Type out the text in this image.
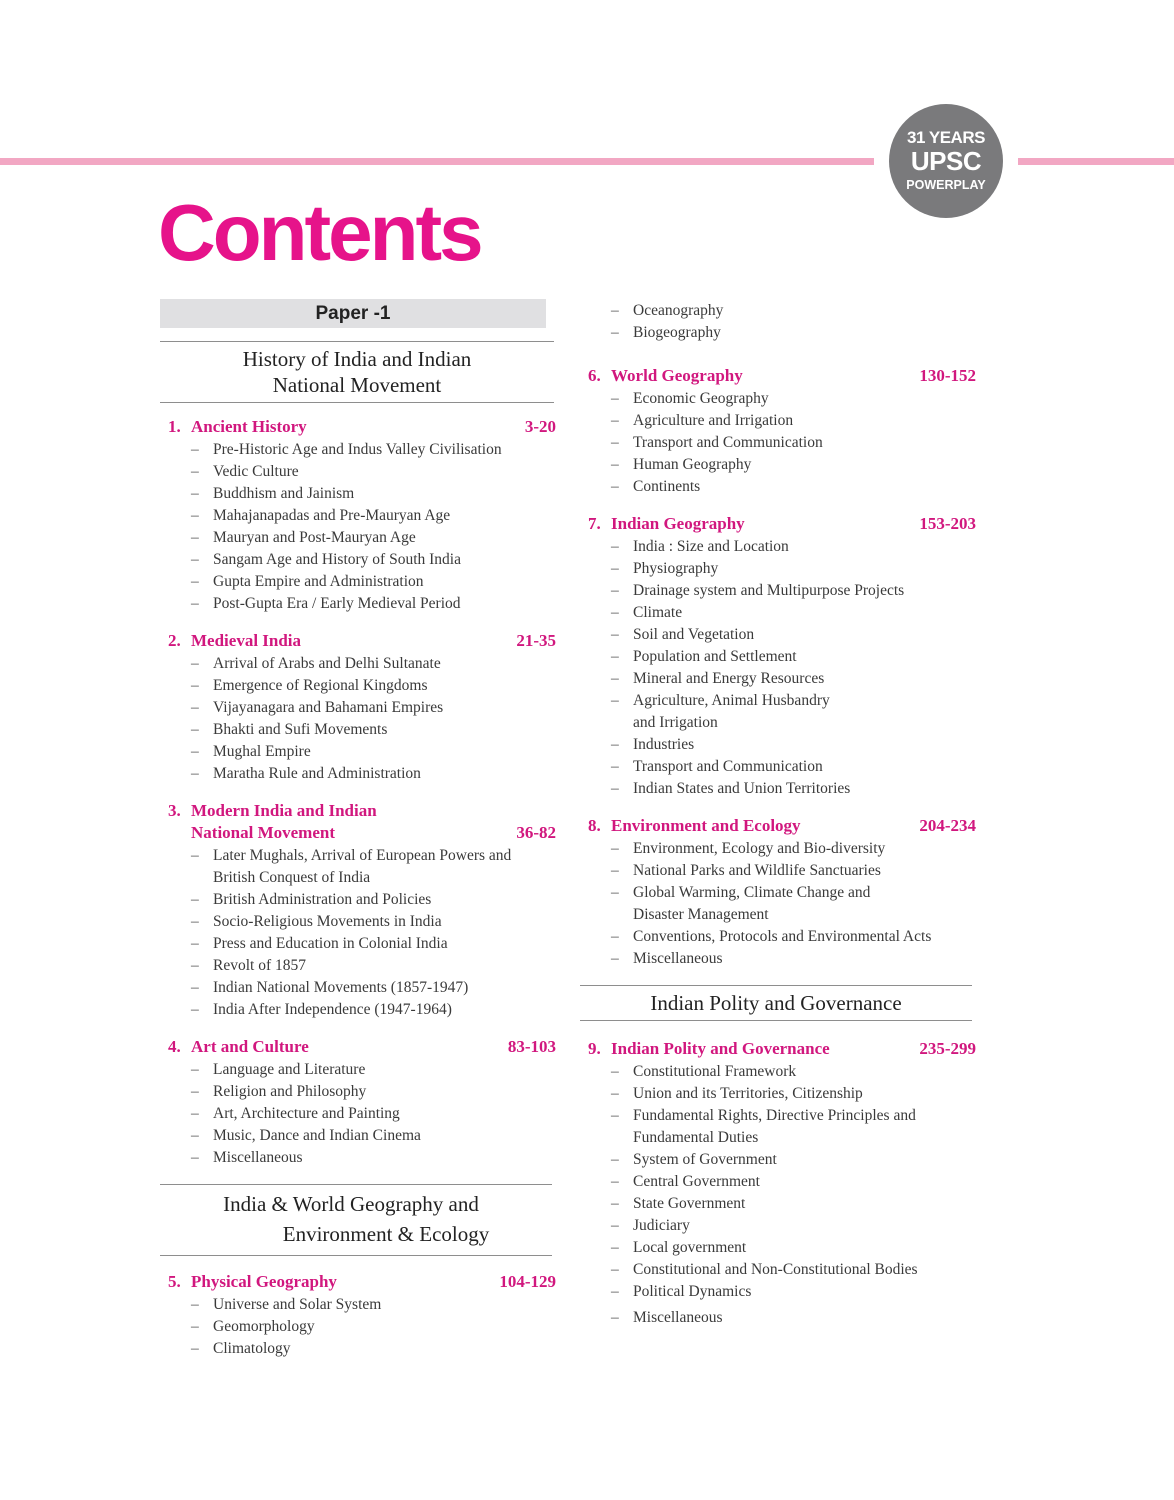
31 YEARS
UPSC
POWERPLAY
Contents
Paper -1
History of India and Indian
National Movement
1. Ancient History	3-20
– Pre-Historic Age and Indus Valley Civilisation
– Vedic Culture
– Buddhism and Jainism
– Mahajanapadas and Pre-Mauryan Age
– Mauryan and Post-Mauryan Age
– Sangam Age and History of South India
– Gupta Empire and Administration
– Post-Gupta Era / Early Medieval Period
2. Medieval India	21-35
– Arrival of Arabs and Delhi Sultanate
– Emergence of Regional Kingdoms
– Vijayanagara and Bahamani Empires
– Bhakti and Sufi Movements
– Mughal Empire
– Maratha Rule and Administration
3. Modern India and Indian
National Movement	36-82
– Later Mughals, Arrival of European Powers and
British Conquest of India
– British Administration and Policies
– Socio-Religious Movements in India
– Press and Education in Colonial India
– Revolt of 1857
– Indian National Movements (1857-1947)
– India After Independence (1947-1964)
4. Art and Culture	83-103
– Language and Literature
– Religion and Philosophy
– Art, Architecture and Painting
– Music, Dance and Indian Cinema
– Miscellaneous
India & World Geography and
Environment & Ecology
5. Physical Geography	104-129
– Universe and Solar System
– Geomorphology
– Climatology
– Oceanography
– Biogeography
6. World Geography	130-152
– Economic Geography
– Agriculture and Irrigation
– Transport and Communication
– Human Geography
– Continents
7. Indian Geography	153-203
– India : Size and Location
– Physiography
– Drainage system and Multipurpose Projects
– Climate
– Soil and Vegetation
– Population and Settlement
– Mineral and Energy Resources
– Agriculture, Animal Husbandry
and Irrigation
– Industries
– Transport and Communication
– Indian States and Union Territories
8. Environment and Ecology	204-234
– Environment, Ecology and Bio-diversity
– National Parks and Wildlife Sanctuaries
– Global Warming, Climate Change and
Disaster Management
– Conventions, Protocols and Environmental Acts
– Miscellaneous
Indian Polity and Governance
9. Indian Polity and Governance	235-299
– Constitutional Framework
– Union and its Territories, Citizenship
– Fundamental Rights, Directive Principles and
Fundamental Duties
– System of Government
– Central Government
– State Government
– Judiciary
– Local government
– Constitutional and Non-Constitutional Bodies
– Political Dynamics
– Miscellaneous
